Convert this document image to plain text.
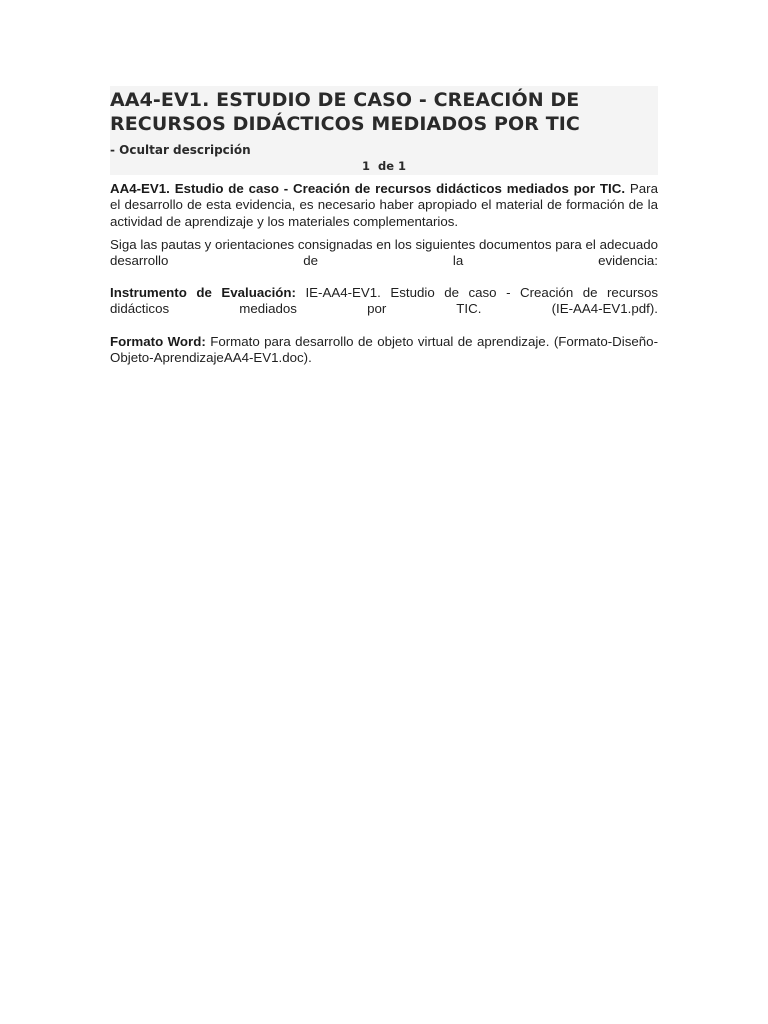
AA4-EV1. ESTUDIO DE CASO - CREACIÓN DE
RECURSOS DIDÁCTICOS MEDIADOS POR TIC
- Ocultar descripción
1  de 1

AA4-EV1. Estudio de caso - Creación de recursos didácticos mediados por TIC. Para el desarrollo de esta evidencia, es necesario haber apropiado el material de formación de la actividad de aprendizaje y los materiales complementarios.

Siga las pautas y orientaciones consignadas en los siguientes documentos para el adecuado desarrollo de la evidencia:

Instrumento de Evaluación: IE-AA4-EV1. Estudio de caso - Creación de recursos didácticos mediados por TIC. (IE-AA4-EV1.pdf).

Formato Word: Formato para desarrollo de objeto virtual de aprendizaje. (Formato-Diseño-Objeto-AprendizajeAA4-EV1.doc).
